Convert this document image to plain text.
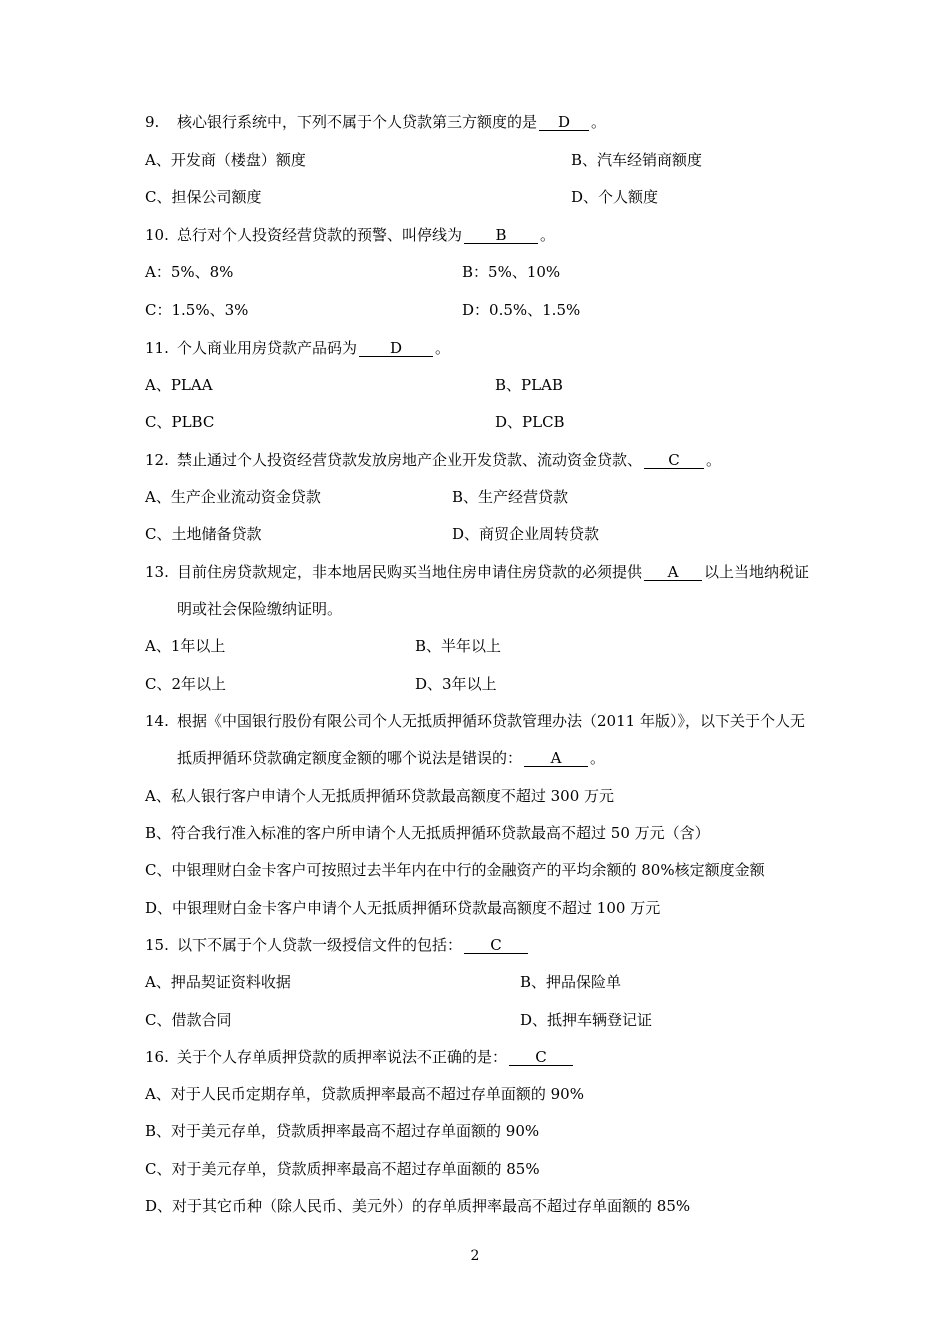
9. 核心银行系统中，下列不属于个人贷款第三方额度的是 D 。
A、开发商（楼盘）额度	B、汽车经销商额度
C、担保公司额度	D、个人额度
10. 总行对个人投资经营贷款的预警、叫停线为 B 。
A：5%、8%	B：5%、10%
C：1.5%、3%	D：0.5%、1.5%
11. 个人商业用房贷款产品码为 D 。
A、PLAA	B、PLAB
C、PLBC	D、PLCB
12. 禁止通过个人投资经营贷款发放房地产企业开发贷款、流动资金贷款、 C 。
A、生产企业流动资金贷款	B、生产经营贷款
C、土地储备贷款	D、商贸企业周转贷款
13. 目前住房贷款规定，非本地居民购买当地住房申请住房贷款的必须提供 A 以上当地纳税证
明或社会保险缴纳证明。
A、1年以上	B、半年以上
C、2年以上	D、3年以上
14. 根据《中国银行股份有限公司个人无抵质押循环贷款管理办法（2011 年版）》，以下关于个人无
抵质押循环贷款确定额度金额的哪个说法是错误的： A 。
A、私人银行客户申请个人无抵质押循环贷款最高额度不超过 300 万元
B、符合我行准入标准的客户所申请个人无抵质押循环贷款最高不超过 50 万元（含）
C、中银理财白金卡客户可按照过去半年内在中行的金融资产的平均余额的 80%核定额度金额
D、中银理财白金卡客户申请个人无抵质押循环贷款最高额度不超过 100 万元
15. 以下不属于个人贷款一级授信文件的包括： C
A、押品契证资料收据	B、押品保险单
C、借款合同	D、抵押车辆登记证
16. 关于个人存单质押贷款的质押率说法不正确的是： C
A、对于人民币定期存单，贷款质押率最高不超过存单面额的 90%
B、对于美元存单，贷款质押率最高不超过存单面额的 90%
C、对于美元存单，贷款质押率最高不超过存单面额的 85%
D、对于其它币种（除人民币、美元外）的存单质押率最高不超过存单面额的 85%
2
